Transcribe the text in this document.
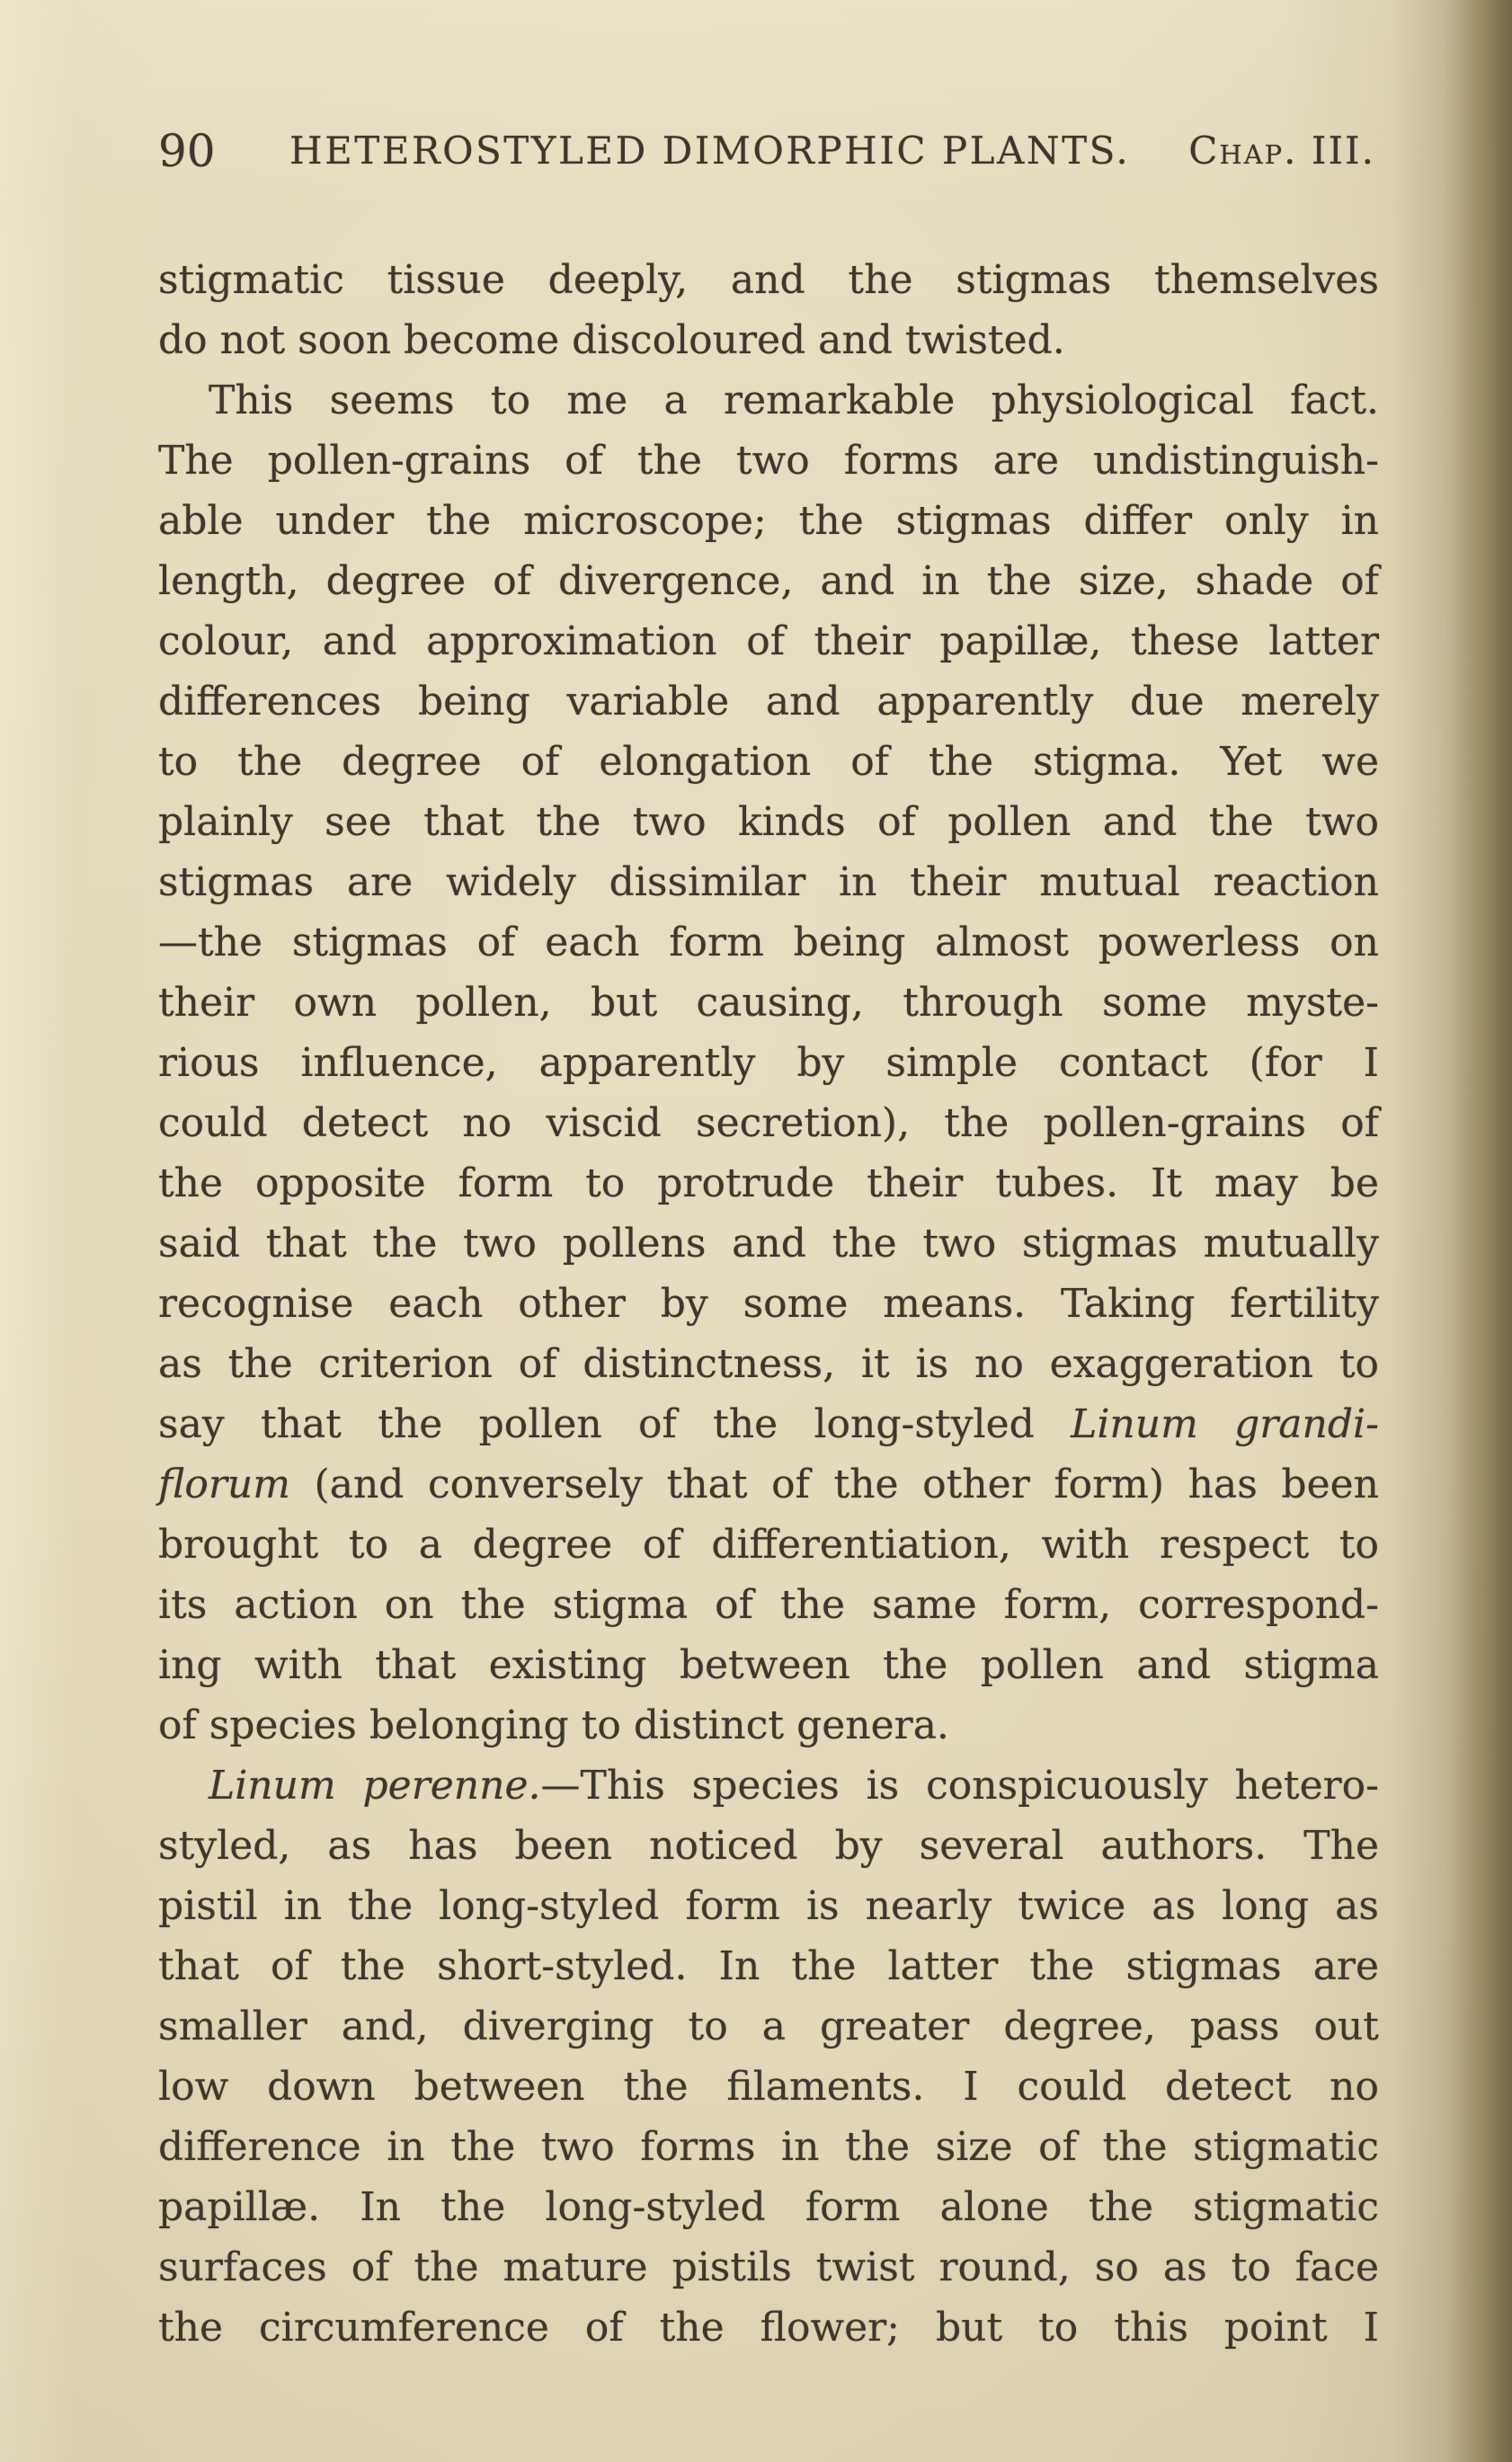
90 HETEROSTYLED DIMORPHIC PLANTS. Chap. III.
stigmatic tissue deeply, and the stigmas themselves
do not soon become discoloured and twisted.
This seems to me a remarkable physiological fact.
The pollen-grains of the two forms are undistinguish-
able under the microscope; the stigmas differ only in
length, degree of divergence, and in the size, shade of
colour, and approximation of their papillæ, these latter
differences being variable and apparently due merely
to the degree of elongation of the stigma. Yet we
plainly see that the two kinds of pollen and the two
stigmas are widely dissimilar in their mutual reaction
—the stigmas of each form being almost powerless on
their own pollen, but causing, through some myste-
rious influence, apparently by simple contact (for I
could detect no viscid secretion), the pollen-grains of
the opposite form to protrude their tubes. It may be
said that the two pollens and the two stigmas mutually
recognise each other by some means. Taking fertility
as the criterion of distinctness, it is no exaggeration to
say that the pollen of the long-styled Linum grandi-
florum (and conversely that of the other form) has been
brought to a degree of differentiation, with respect to
its action on the stigma of the same form, correspond-
ing with that existing between the pollen and stigma
of species belonging to distinct genera.
Linum perenne.—This species is conspicuously hetero-
styled, as has been noticed by several authors. The
pistil in the long-styled form is nearly twice as long as
that of the short-styled. In the latter the stigmas are
smaller and, diverging to a greater degree, pass out
low down between the filaments. I could detect no
difference in the two forms in the size of the stigmatic
papillæ. In the long-styled form alone the stigmatic
surfaces of the mature pistils twist round, so as to face
the circumference of the flower; but to this point I
